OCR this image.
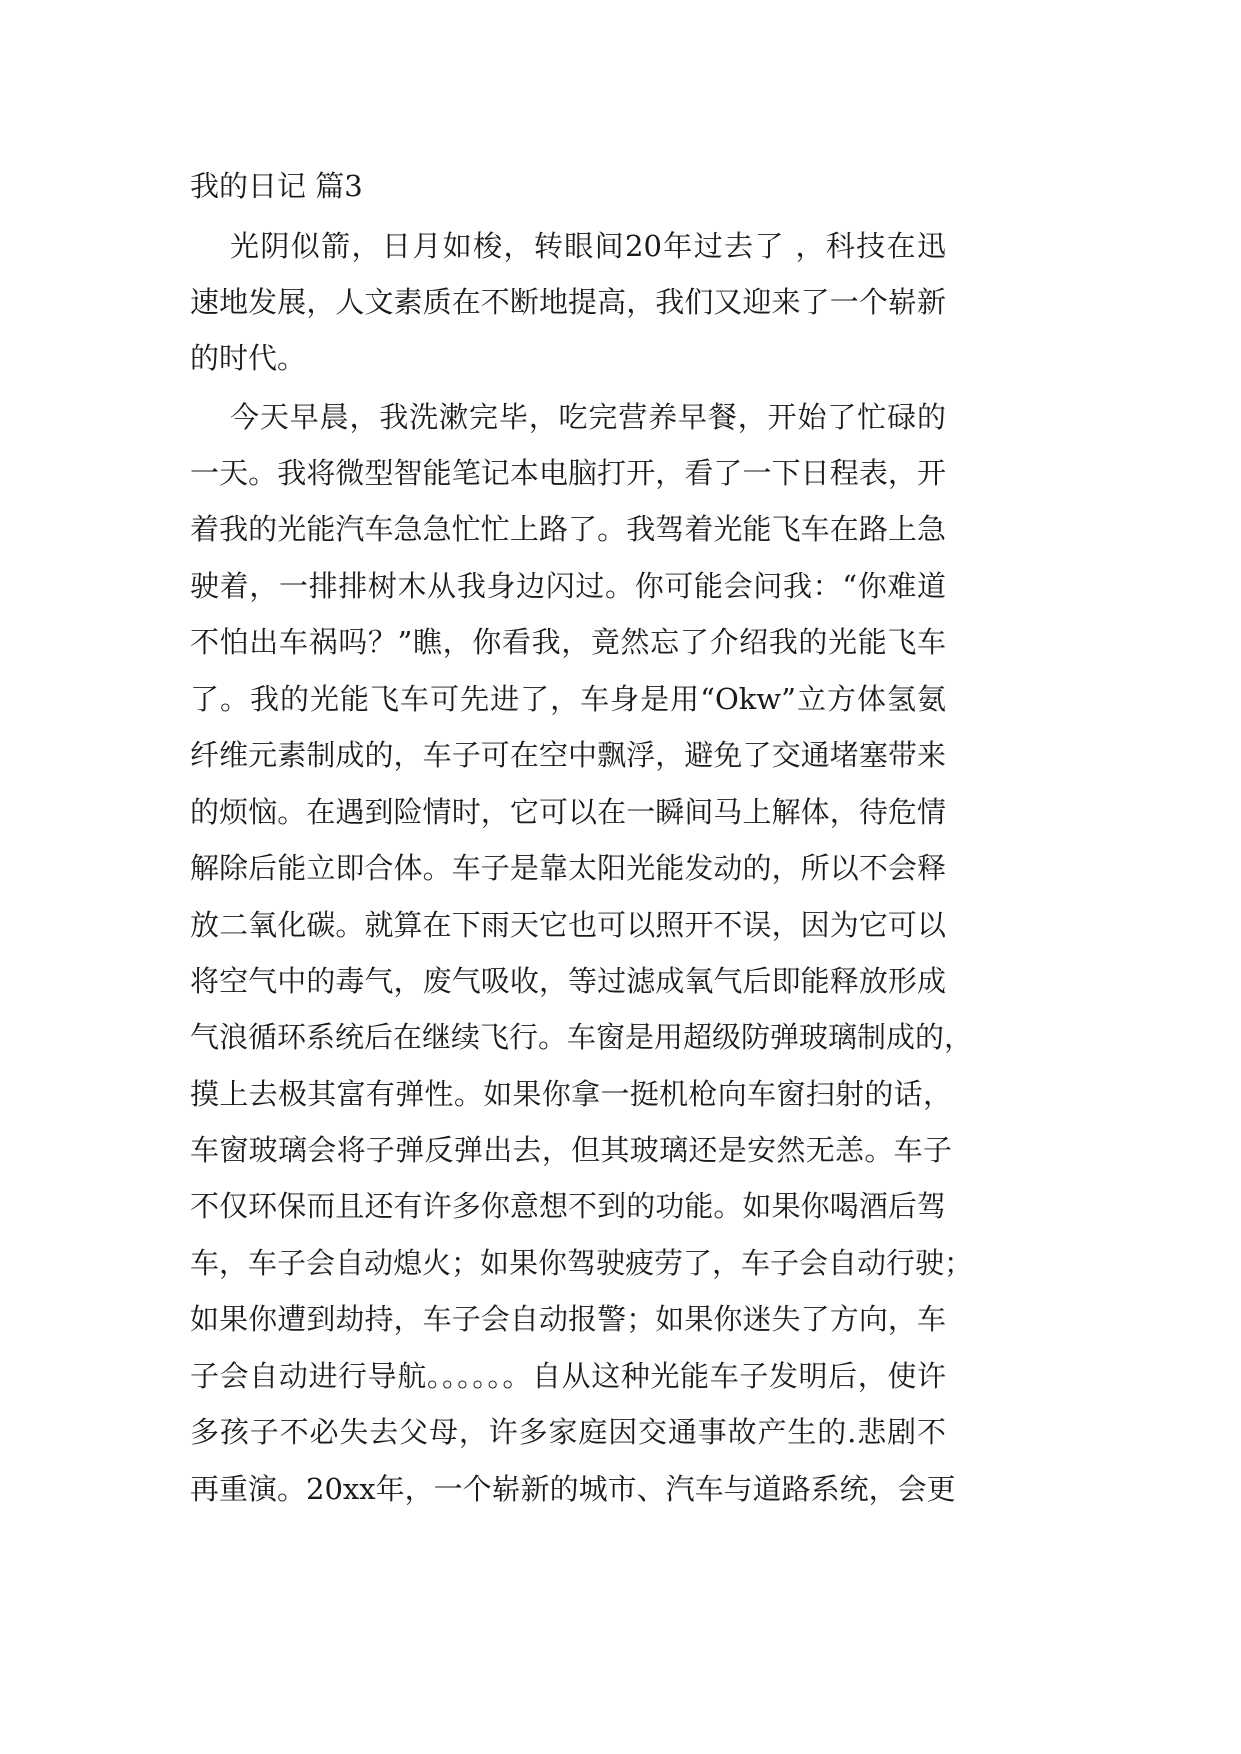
我的日记 篇3

光阴似箭，日月如梭，转眼间20年过去了 ，科技在迅

速地发展，人文素质在不断地提高，我们又迎来了一个崭新

的时代。

今天早晨，我洗漱完毕，吃完营养早餐，开始了忙碌的

一天。我将微型智能笔记本电脑打开，看了一下日程表，开

着我的光能汽车急急忙忙上路了。我驾着光能飞车在路上急

驶着，一排排树木从我身边闪过。你可能会问我：“你难道

不怕出车祸吗？”瞧，你看我，竟然忘了介绍我的光能飞车

了。我的光能飞车可先进了，车身是用“Okw”立方体氢氨

纤维元素制成的，车子可在空中飘浮，避免了交通堵塞带来

的烦恼。在遇到险情时，它可以在一瞬间马上解体，待危情

解除后能立即合体。车子是靠太阳光能发动的，所以不会释

放二氧化碳。就算在下雨天它也可以照开不误，因为它可以

将空气中的毒气，废气吸收，等过滤成氧气后即能释放形成

气浪循环系统后在继续飞行。车窗是用超级防弹玻璃制成的，

摸上去极其富有弹性。如果你拿一挺机枪向车窗扫射的话，

车窗玻璃会将子弹反弹出去，但其玻璃还是安然无恙。车子

不仅环保而且还有许多你意想不到的功能。如果你喝酒后驾

车，车子会自动熄火；如果你驾驶疲劳了，车子会自动行驶；

如果你遭到劫持，车子会自动报警；如果你迷失了方向，车

子会自动进行导航。。。。。。自从这种光能车子发明后，使许

多孩子不必失去父母，许多家庭因交通事故产生的.悲剧不

再重演。20xx年，一个崭新的城市、汽车与道路系统，会更
